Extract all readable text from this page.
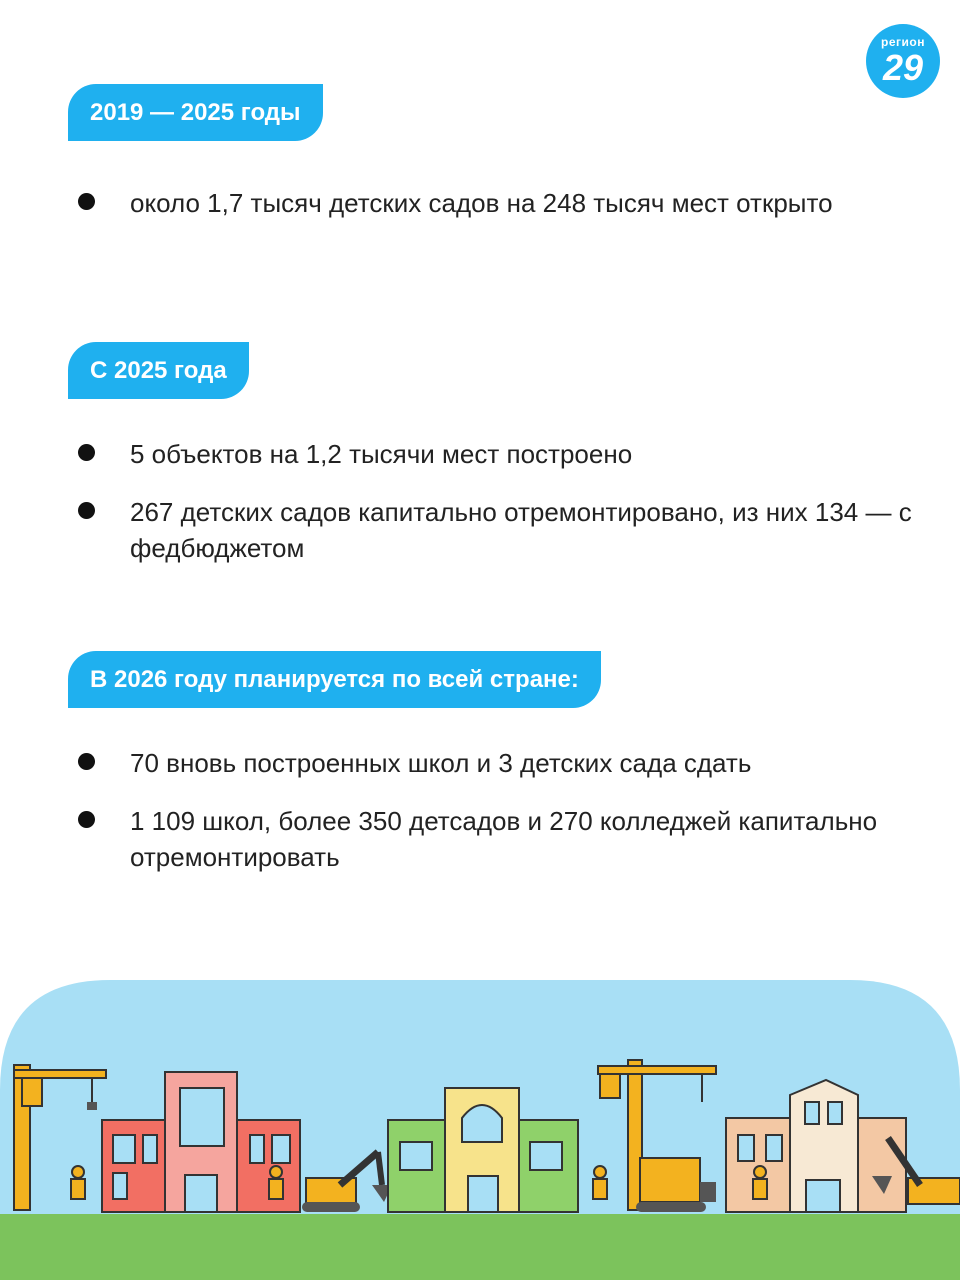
регион
29
2019 — 2025 годы
около 1,7 тысяч детских садов на 248 тысяч мест открыто
С 2025 года
5 объектов на 1,2 тысячи мест построено
267 детских садов капитально отремонтировано, из них 134 — с федбюджетом
В 2026 году планируется по всей стране:
70 вновь построенных школ и 3 детских сада сдать
1 109 школ, более 350 детсадов и 270 колледжей капитально отремонтировать
